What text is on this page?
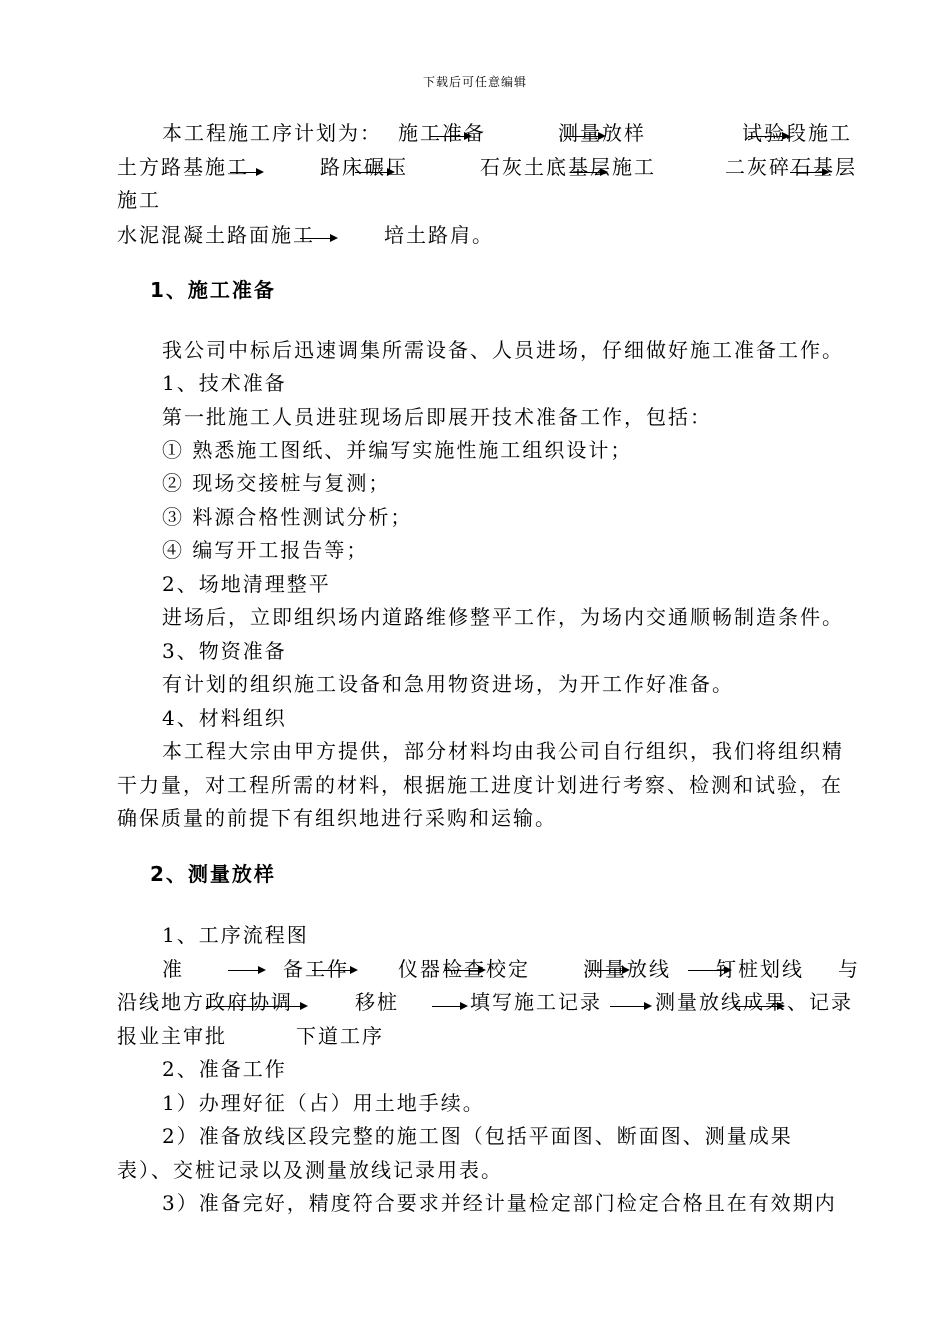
下载后可任意编辑
本工程施工序计划为： 施工准备	测量放样	试验段施工
土方路基施工	路床碾压	石灰土底基层施工	二灰碎石基层
施工
水泥混凝土路面施工	培土路肩。
1、施工准备
我公司中标后迅速调集所需设备、人员进场，仔细做好施工准备工作。
1、技术准备
第一批施工人员进驻现场后即展开技术准备工作，包括：
① 熟悉施工图纸、并编写实施性施工组织设计；
② 现场交接桩与复测；
③ 料源合格性测试分析；
④ 编写开工报告等；
2、场地清理整平
进场后，立即组织场内道路维修整平工作，为场内交通顺畅制造条件。
3、物资准备
有计划的组织施工设备和急用物资进场，为开工作好准备。
4、材料组织
本工程大宗由甲方提供，部分材料均由我公司自行组织，我们将组织精
干力量，对工程所需的材料，根据施工进度计划进行考察、检测和试验，在
确保质量的前提下有组织地进行采购和运输。
2、测量放样
1、工序流程图
准	备工作 仪器检查校定	测量放线 钉桩划线 与
沿线地方政府协调	移桩	填写施工记录	测量放线成果、记录
报业主审批	下道工序
2、准备工作
1）办理好征（占）用土地手续。
2）准备放线区段完整的施工图（包括平面图、断面图、测量成果
表）、交桩记录以及测量放线记录用表。
3）准备完好，精度符合要求并经计量检定部门检定合格且在有效期内
